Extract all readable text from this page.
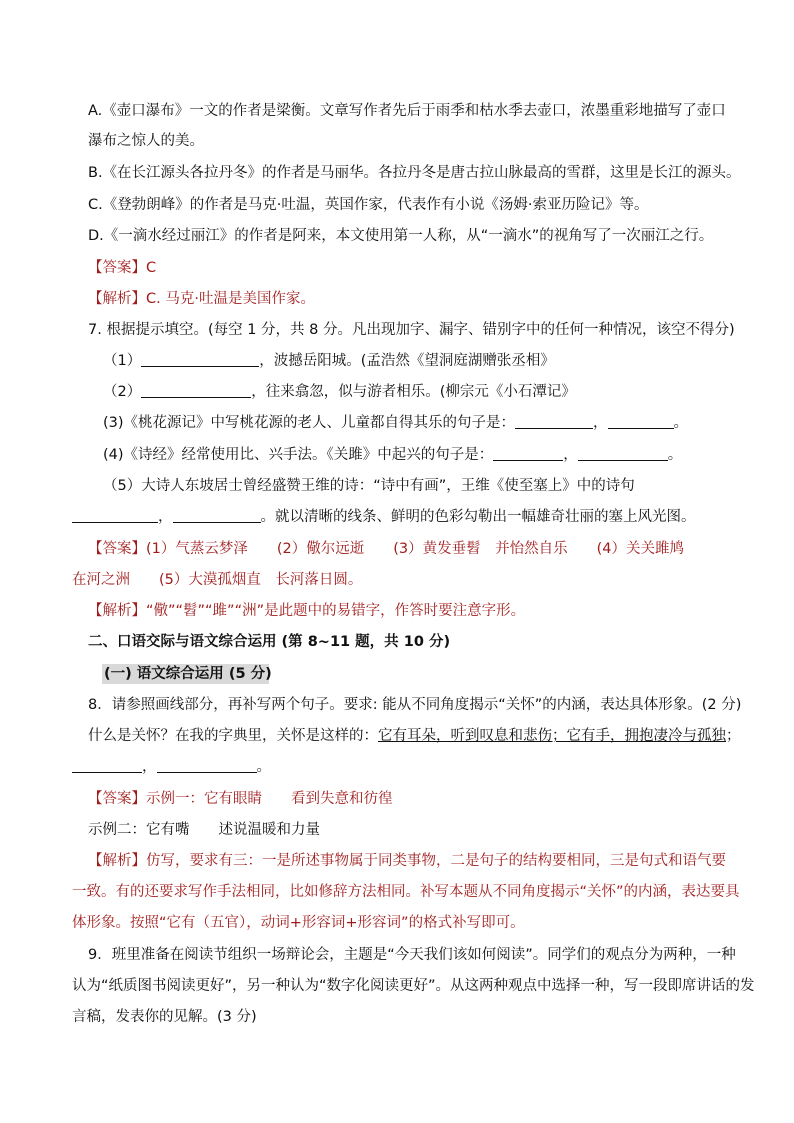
A.《壶口瀑布》一文的作者是梁衡。文章写作者先后于雨季和枯水季去壶口，浓墨重彩地描写了壶口
瀑布之惊人的美。
B.《在长江源头各拉丹冬》的作者是马丽华。各拉丹冬是唐古拉山脉最高的雪群，这里是长江的源头。
C.《登勃朗峰》的作者是马克·吐温，英国作家，代表作有小说《汤姆·索亚历险记》等。
D.《一滴水经过丽江》的作者是阿来，本文使用第一人称，从“一滴水”的视角写了一次丽江之行。
【答案】C
【解析】C. 马克·吐温是美国作家。
7. 根据提示填空。(每空 1 分，共 8 分。凡出现加字、漏字、错别字中的任何一种情况，该空不得分)
（1）	，波撼岳阳城。(孟浩然《望洞庭湖赠张丞相》
（2）	，往来翕忽，似与游者相乐。(柳宗元《小石潭记》
(3)《桃花源记》中写桃花源的老人、儿童都自得其乐的句子是：	，	。
(4)《诗经》经常使用比、兴手法。《关雎》中起兴的句子是：	，	。
（5）大诗人东坡居士曾经盛赞王维的诗：“诗中有画”，王维《使至塞上》中的诗句
，	。就以清晰的线条、鲜明的色彩勾勒出一幅雄奇壮丽的塞上风光图。
【答案】(1）气蒸云梦泽　　(2）儆尔远逝　　(3）黄发垂髫　并怡然自乐　　(4）关关雎鸠
在河之洲　　(5）大漠孤烟直　长河落日圆。
【解析】“儆”“髫”“雎”“洲”是此题中的易错字，作答时要注意字形。
二、口语交际与语文综合运用 (第 8~11 题，共 10 分)
(一) 语文综合运用 (5 分)
8．请参照画线部分，再补写两个句子。要求: 能从不同角度揭示“关怀”的内涵，表达具体形象。(2 分)
什么是关怀？在我的字典里，关怀是这样的：它有耳朵，听到叹息和悲伤；它有手，拥抱凄冷与孤独；
，	。
【答案】示例一：它有眼睛　　看到失意和彷徨
示例二：它有嘴　　述说温暖和力量
【解析】仿写，要求有三：一是所述事物属于同类事物，二是句子的结构要相同，三是句式和语气要
一致。有的还要求写作手法相同，比如修辞方法相同。补写本题从不同角度揭示“关怀”的内涵，表达要具
体形象。按照“它有（五官），动词+形容词+形容词”的格式补写即可。
9．班里准备在阅读节组织一场辩论会，主题是“今天我们该如何阅读”。同学们的观点分为两种，一种
认为“纸质图书阅读更好”，另一种认为“数字化阅读更好”。从这两种观点中选择一种，写一段即席讲话的发
言稿，发表你的见解。(3 分)
